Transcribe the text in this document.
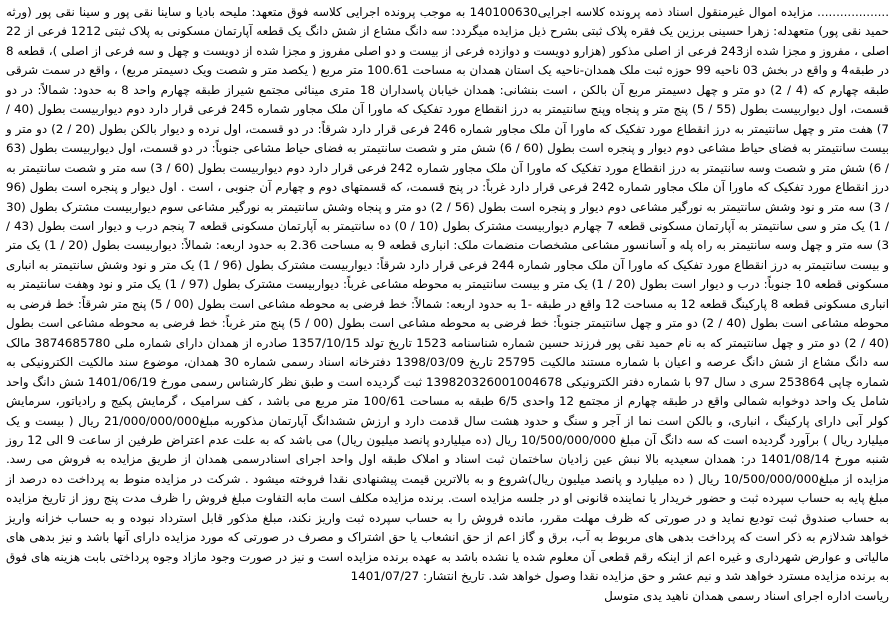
................... مزایده اموال غیرمنقول اسناد ذمه پرونده کلاسه اجرایی140100630 به موجب پرونده اجرایی کلاسه فوق متعهد: ملیحه بادیا و ساینا نقی پور و سینا نقی پور (ورثه حمید نقی پور) متعهدله: زهرا حسینی برزین یک فقره پلاک ثبتی بشرح ذیل مزایده میگردد: سه دانگ مشاع از شش دانگ یک قطعه آپارتمان مسکونی به پلاک ثبتی 1212 فرعی از 22 اصلی ، مفروز و مجزا شده از243 فرعی از اصلی مذکور (هزارو دویست و دوازده فرعی از بیست و دو اصلی مفروز و مجزا شده از دویست و چهل و سه فرعی از اصلی )، قطعه 8 در طبقه4 و واقع در بخش 03 ناحیه 99 حوزه ثبت ملک همدان-ناحیه یک استان همدان به مساحت 100.61 متر مربع ( یکصد متر و شصت ویک دسیمتر مربع) ، واقع در سمت شرقی طبقه چهارم که (4 / 2) دو متر و چهل دسیمتر مربع آن بالکن ، است بنشانی: همدان خیابان پاسداران 18 متری مینائی مجتمع شیراز طبقه چهارم واحد 8 به حدود: شمالاً: در دو قسمت، اول دیواربیست بطول (55 / 5) پنج متر و پنجاه وپنج سانتیمتر به درز انقطاع مورد تفکیک که ماورا آن ملک مجاور شماره 245 فرعی قرار دارد دوم دیواربیست بطول (40 / 7) هفت متر و چهل سانتیمتر به درز انقطاع مورد تفکیک که ماورا آن ملک مجاور شماره 246 فرعی قرار دارد شرقاً: در دو قسمت، اول نرده و دیوار بالکن بطول (20 / 2) دو متر و بیست سانتیمتر به فضای حیاط مشاعی دوم دیوار و پنجره است بطول (60 / 6) شش متر و شصت سانتیمتر به فضای حیاط مشاعی جنوباً: در دو قسمت، اول دیواربیست بطول (63 / 6) شش متر و شصت وسه سانتیمتر به درز انقطاع مورد تفکیک که ماورا آن ملک مجاور شماره 242 فرعی قرار دارد دوم دیواربیست بطول (60 / 3) سه متر و شصت سانتیمتر به درز انقطاع مورد تفکیک که ماورا آن ملک مجاور شماره 242 فرعی قرار دارد غرباً: در پنج قسمت، که قسمتهای دوم و چهارم آن جنوبی ، است . اول دیوار و پنجره است بطول (96 / 3) سه متر و نود وشش سانتیمتر به نورگیر مشاعی دوم دیوار و پنجره است بطول (56 / 2) دو متر و پنجاه وشش سانتیمتر به نورگیر مشاعی سوم دیواربیست مشترک بطول (30 / 1) یک متر و سی سانتیمتر به آپارتمان مسکونی قطعه 7 چهارم دیواربیست مشترک بطول (10 / 0) ده سانتیمتر به آپارتمان مسکونی قطعه 7 پنجم درب و دیوار است بطول (43 / 3) سه متر و چهل وسه سانتیمتر به راه پله و آسانسور مشاعی مشخصات منضمات ملک: انباری قطعه 9 به مساحت 2.36 به حدود اربعه: شمالاً: دیواربیست بطول (20 / 1) یک متر و بیست سانتیمتر به درز انقطاع مورد تفکیک که ماورا آن ملک مجاور شماره 244 فرعی قرار دارد شرقاً: دیواربیست مشترک بطول (96 / 1) یک متر و نود وشش سانتیمتر به انباری مسکونی قطعه 10 جنوباً: درب و دیوار است بطول (20 / 1) یک متر و بیست سانتیمتر به محوطه مشاعی غرباً: دیواربیست مشترک بطول (97 / 1) یک متر و نود وهفت سانتیمتر به انباری مسکونی قطعه 8 پارکینگ قطعه 12 به مساحت 12 واقع در طبقه -1 به حدود اربعه: شمالاً: خط فرضی به محوطه مشاعی است بطول (00 / 5) پنج متر شرقاً: خط فرضی به محوطه مشاعی است بطول (40 / 2) دو متر و چهل سانتیمتر جنوباً: خط فرضی به محوطه مشاعی است بطول (00 / 5) پنج متر غرباً: خط فرضی به محوطه مشاعی است بطول (40 / 2) دو متر و چهل سانتیمتر که به نام حمید نقی پور فرزند حسین شماره شناسنامه 1523 تاریخ تولد 1357/10/15 صادره از همدان دارای شماره ملی 3874685780 مالک سه دانگ مشاع از شش دانگ عرصه و اعیان با شماره مستند مالکیت 25795 تاریخ 1398/03/09 دفترخانه اسناد رسمی شماره 30 همدان، موضوع سند مالکیت الکترونیکی به شماره چاپی 253864 سری د سال 97 با شماره دفتر الکترونیکی 139820326001004678 ثبت گردیده است و طبق نظر کارشناس رسمی مورخ 1401/06/19 شش دانگ واحد شامل یک واحد دوخوابه شمالی واقع در طبقه چهارم از مجتمع 12 واحدی 6/5 طبقه به مساحت 100/61 متر مربع می باشد ، کف سرامیک ، گرمایش پکیج و رادیاتور، سرمایش کولر آبی دارای پارکینگ ، انباری، و بالکن است نما از آجر و سنگ و حدود هشت سال قدمت دارد و ارزش ششدانگ آپارتمان مذکوربه مبلغ21/000/000/000 ریال ( بیست و یک میلیارد ریال ) برآورد گردیده است که سه دانگ آن مبلغ 10/500/000/000 ریال (ده میلیاردو پانصد میلیون ریال) می باشد که به علت عدم اعتراض طرفین از ساعت 9 الی 12 روز شنبه مورخ 1401/08/14 در: همدان سعیدیه بالا نبش عین زادیان ساختمان ثبت اسناد و املاک طبقه اول واحد اجرای اسنادرسمی همدان از طریق مزایده به فروش می رسد. مزایده از مبلغ10/500/000/000 ریال ( ده میلیارد و پانصد میلیون ریال)شروع و به بالاترین قیمت پیشنهادی نقدا فروخته میشود . شرکت در مزایده منوط به پرداخت ده درصد از مبلغ پایه به حساب سپرده ثبت و حضور خریدار یا نماینده قانونی او در جلسه مزایده است. برنده مزایده مکلف است مابه التفاوت مبلغ فروش را ظرف مدت پنج روز از تاریخ مزایده به حساب صندوق ثبت تودیع نماید و در صورتی که ظرف مهلت مقرر، مانده فروش را به حساب سپرده ثبت واریز نکند، مبلغ مذکور قابل استرداد نبوده و به حساب خزانه واریز خواهد شدلازم به ذکر است که پرداخت بدهی های مربوط به آب، برق و گاز اعم از حق انشعاب یا حق اشتراک و مصرف در صورتی که مورد مزایده دارای آنها باشد و نیز بدهی های مالیاتی و عوارض شهرداری و غیره اعم از اینکه رقم قطعی آن معلوم شده یا نشده باشد به عهده برنده مزایده است و نیز در صورت وجود مازاد وجوه پرداختی بابت هزینه های فوق به برنده مزایده مسترد خواهد شد و نیم عشر و حق مزایده نقدا وصول خواهد شد. تاریخ انتشار: 1401/07/27

ریاست اداره اجرای اسناد رسمی همدان ناهید یدی متوسل
